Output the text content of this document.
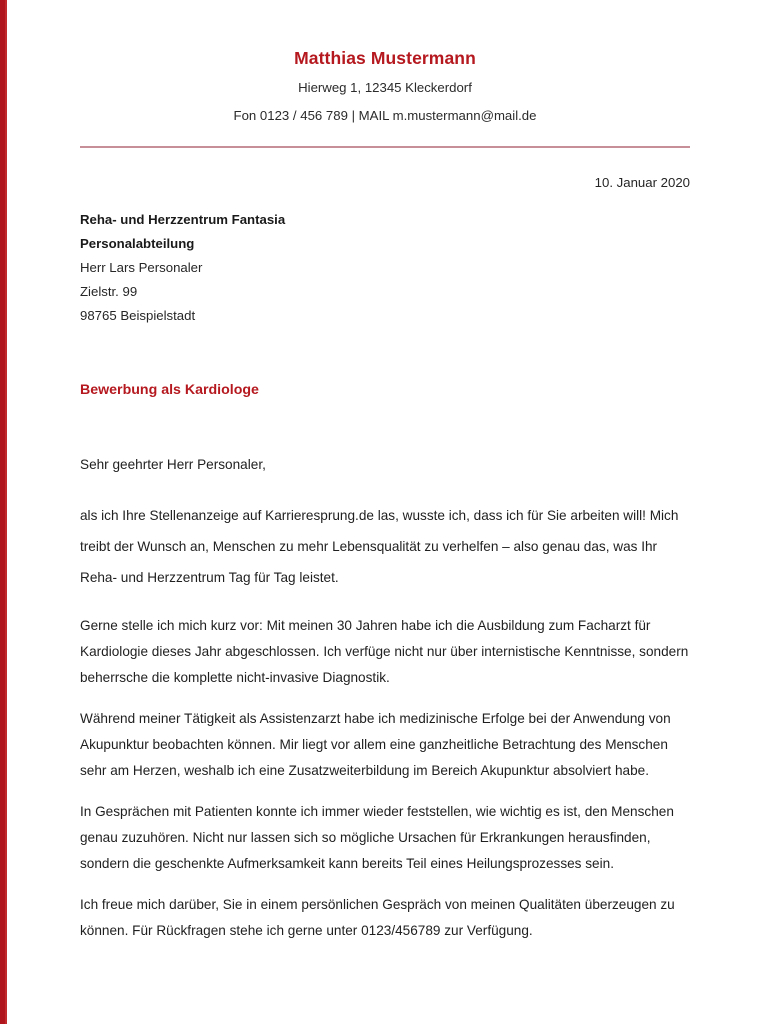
Matthias Mustermann
Hierweg 1, 12345 Kleckerdorf
Fon 0123 / 456 789 | MAIL m.mustermann@mail.de
10. Januar 2020
Reha- und Herzzentrum Fantasia
Personalabteilung
Herr Lars Personaler
Zielstr. 99
98765 Beispielstadt
Bewerbung als Kardiologe
Sehr geehrter Herr Personaler,

als ich Ihre Stellenanzeige auf Karrieresprung.de las, wusste ich, dass ich für Sie arbeiten will! Mich treibt der Wunsch an, Menschen zu mehr Lebensqualität zu verhelfen – also genau das, was Ihr Reha- und Herzzentrum Tag für Tag leistet.

Gerne stelle ich mich kurz vor: Mit meinen 30 Jahren habe ich die Ausbildung zum Facharzt für Kardiologie dieses Jahr abgeschlossen. Ich verfüge nicht nur über internistische Kenntnisse, sondern beherrsche die komplette nicht-invasive Diagnostik.

Während meiner Tätigkeit als Assistenzarzt habe ich medizinische Erfolge bei der Anwendung von Akupunktur beobachten können. Mir liegt vor allem eine ganzheitliche Betrachtung des Menschen sehr am Herzen, weshalb ich eine Zusatzweiterbildung im Bereich Akupunktur absolviert habe.

In Gesprächen mit Patienten konnte ich immer wieder feststellen, wie wichtig es ist, den Menschen genau zuzuhören. Nicht nur lassen sich so mögliche Ursachen für Erkrankungen herausfinden, sondern die geschenkte Aufmerksamkeit kann bereits Teil eines Heilungsprozesses sein.

Ich freue mich darüber, Sie in einem persönlichen Gespräch von meinen Qualitäten überzeugen zu können. Für Rückfragen stehe ich gerne unter 0123/456789 zur Verfügung.
